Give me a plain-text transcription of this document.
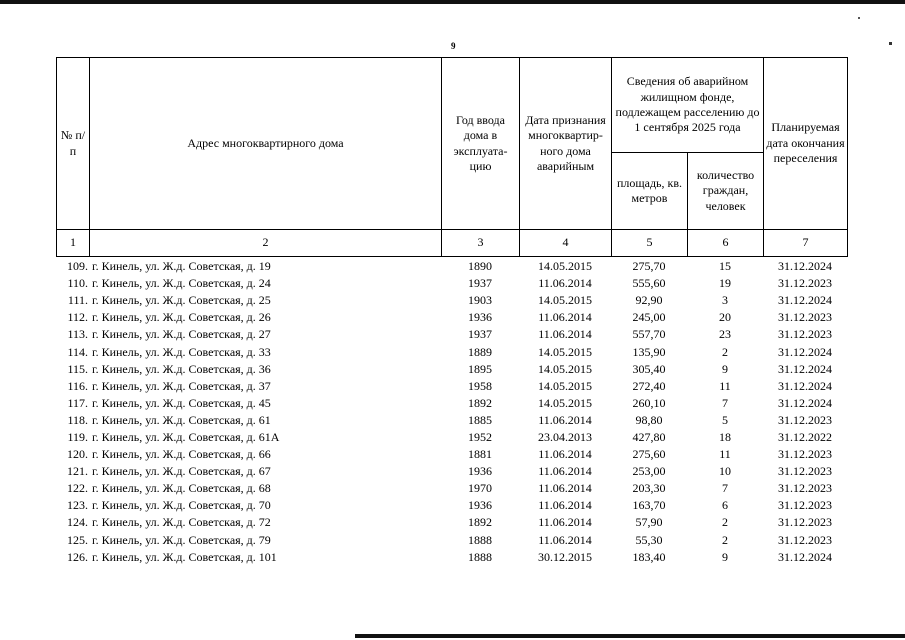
9
№ п/п	Адрес многоквартирного дома	Год ввода дома в эксплуата-цию	Дата признания многоквартир-ного дома аварийным	Сведения об аварийном жилищном фонде, подлежащем расселению до 1 сентября 2025 года		Планируемая дата окончания переселения
				площадь, кв. метров	количество граждан, человек	
1	2	3	4	5	6	7
109.	г. Кинель, ул. Ж.д. Советская, д. 19	1890	14.05.2015	275,70	15	31.12.2024
110.	г. Кинель, ул. Ж.д. Советская, д. 24	1937	11.06.2014	555,60	19	31.12.2023
111.	г. Кинель, ул. Ж.д. Советская, д. 25	1903	14.05.2015	92,90	3	31.12.2024
112.	г. Кинель, ул. Ж.д. Советская, д. 26	1936	11.06.2014	245,00	20	31.12.2023
113.	г. Кинель, ул. Ж.д. Советская, д. 27	1937	11.06.2014	557,70	23	31.12.2023
114.	г. Кинель, ул. Ж.д. Советская, д. 33	1889	14.05.2015	135,90	2	31.12.2024
115.	г. Кинель, ул. Ж.д. Советская, д. 36	1895	14.05.2015	305,40	9	31.12.2024
116.	г. Кинель, ул. Ж.д. Советская, д. 37	1958	14.05.2015	272,40	11	31.12.2024
117.	г. Кинель, ул. Ж.д. Советская, д. 45	1892	14.05.2015	260,10	7	31.12.2024
118.	г. Кинель, ул. Ж.д. Советская, д. 61	1885	11.06.2014	98,80	5	31.12.2023
119.	г. Кинель, ул. Ж.д. Советская, д. 61А	1952	23.04.2013	427,80	18	31.12.2022
120.	г. Кинель, ул. Ж.д. Советская, д. 66	1881	11.06.2014	275,60	11	31.12.2023
121.	г. Кинель, ул. Ж.д. Советская, д. 67	1936	11.06.2014	253,00	10	31.12.2023
122.	г. Кинель, ул. Ж.д. Советская, д. 68	1970	11.06.2014	203,30	7	31.12.2023
123.	г. Кинель, ул. Ж.д. Советская, д. 70	1936	11.06.2014	163,70	6	31.12.2023
124.	г. Кинель, ул. Ж.д. Советская, д. 72	1892	11.06.2014	57,90	2	31.12.2023
125.	г. Кинель, ул. Ж.д. Советская, д. 79	1888	11.06.2014	55,30	2	31.12.2023
126.	г. Кинель, ул. Ж.д. Советская, д. 101	1888	30.12.2015	183,40	9	31.12.2024
